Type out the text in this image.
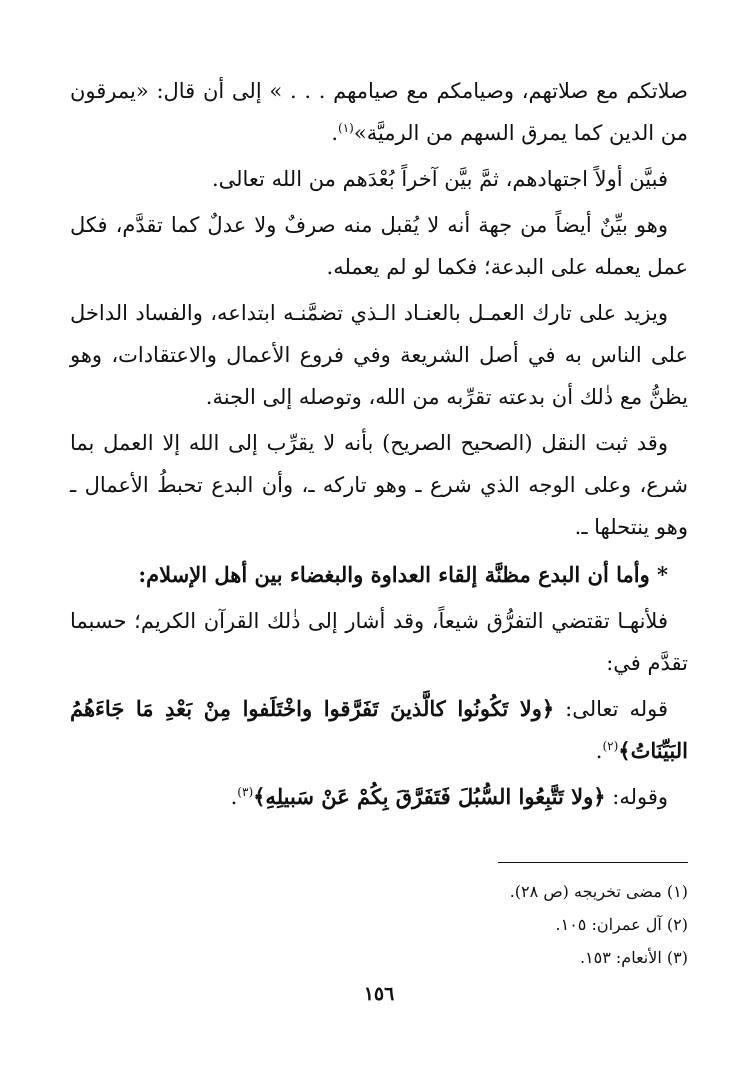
صلاتكم مع صلاتهم، وصيامكم مع صيامهم . . . » إلى أن قال: «يمرقون من الدين كما يمرق السهم من الرميَّة»$^{(١)}$.

فبيَّن أولاً اجتهادهم، ثمَّ بيَّن آخراً بُعْدَهم من الله تعالى.

وهو بيِّنٌ أيضاً من جهة أنه لا يُقبل منه صرفٌ ولا عدلٌ كما تقدَّم، فكل عمل يعمله على البدعة؛ فكما لو لم يعمله.

ويزيد على تارك العمـل بالعنـاد الـذي تضمَّنـه ابتداعه، والفساد الداخل على الناس به في أصل الشريعة وفي فروع الأعمال والاعتقادات، وهو يظنُّ مع ذٰلك أن بدعته تقرِّبه من الله، وتوصله إلى الجنة.

وقد ثبت النقل (الصحيح الصريح) بأنه لا يقرِّب إلى الله إلا العمل بما شرع، وعلى الوجه الذي شرع ـ وهو تاركه ـ، وأن البدع تحبطُ الأعمال ـ وهو ينتحلها ـ.

* وأما أن البدع مظنَّة إلقاء العداوة والبغضاء بين أهل الإسلام:

فلأنهـا تقتضي التفرُّق شيعاً، وقد أشار إلى ذٰلك القرآن الكريم؛ حسبما تقدَّم في:

قوله تعالى: ﴿ولا تَكُونُوا كالَّذينَ تَفَرَّقوا واخْتَلَفوا مِنْ بَعْدِ مَا جَاءَهُمُ البَيِّنَاتُ﴾$^{(٢)}$.

وقوله: ﴿ولا تَتَّبِعُوا السُّبُلَ فَتَفَرَّقَ بِكُمْ عَنْ سَبيلِهِ﴾$^{(٣)}$.

(١) مضى تخريجه (ص ٢٨).

(٢) آل عمران: ١٠٥.

(٣) الأنعام: ١٥٣.

١٥٦
